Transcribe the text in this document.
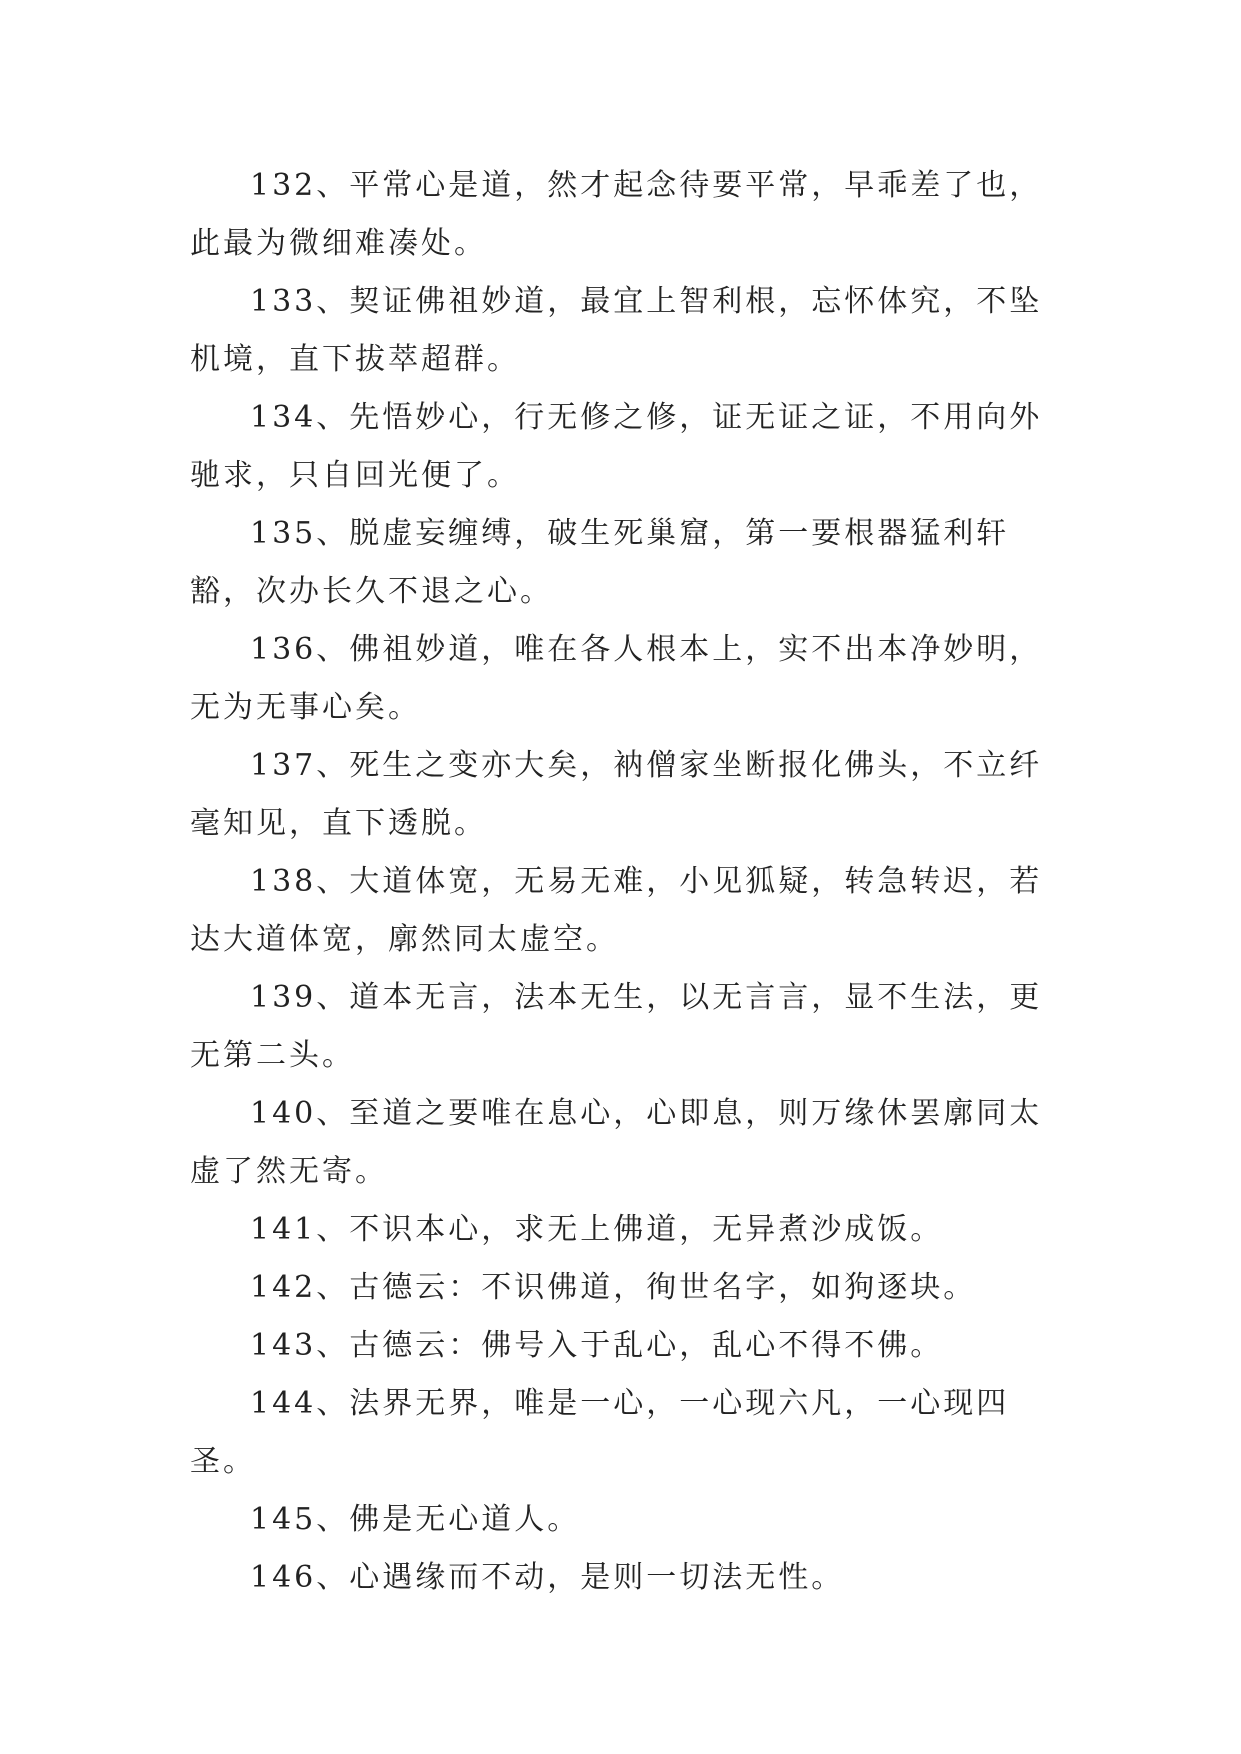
132、平常心是道，然才起念待要平常，早乖差了也，此最为微细难凑处。

133、契证佛祖妙道，最宜上智利根，忘怀体究，不坠机境，直下拔萃超群。

134、先悟妙心，行无修之修，证无证之证，不用向外驰求，只自回光便了。

135、脱虚妄缠缚，破生死巢窟，第一要根器猛利轩豁，次办长久不退之心。

136、佛祖妙道，唯在各人根本上，实不出本净妙明，无为无事心矣。

137、死生之变亦大矣，衲僧家坐断报化佛头，不立纤毫知见，直下透脱。

138、大道体宽，无易无难，小见狐疑，转急转迟，若达大道体宽，廓然同太虚空。

139、道本无言，法本无生，以无言言，显不生法，更无第二头。

140、至道之要唯在息心，心即息，则万缘休罢廓同太虚了然无寄。

141、不识本心，求无上佛道，无异煮沙成饭。

142、古德云：不识佛道，徇世名字，如狗逐块。

143、古德云：佛号入于乱心，乱心不得不佛。

144、法界无界，唯是一心，一心现六凡，一心现四圣。

145、佛是无心道人。

146、心遇缘而不动，是则一切法无性。
